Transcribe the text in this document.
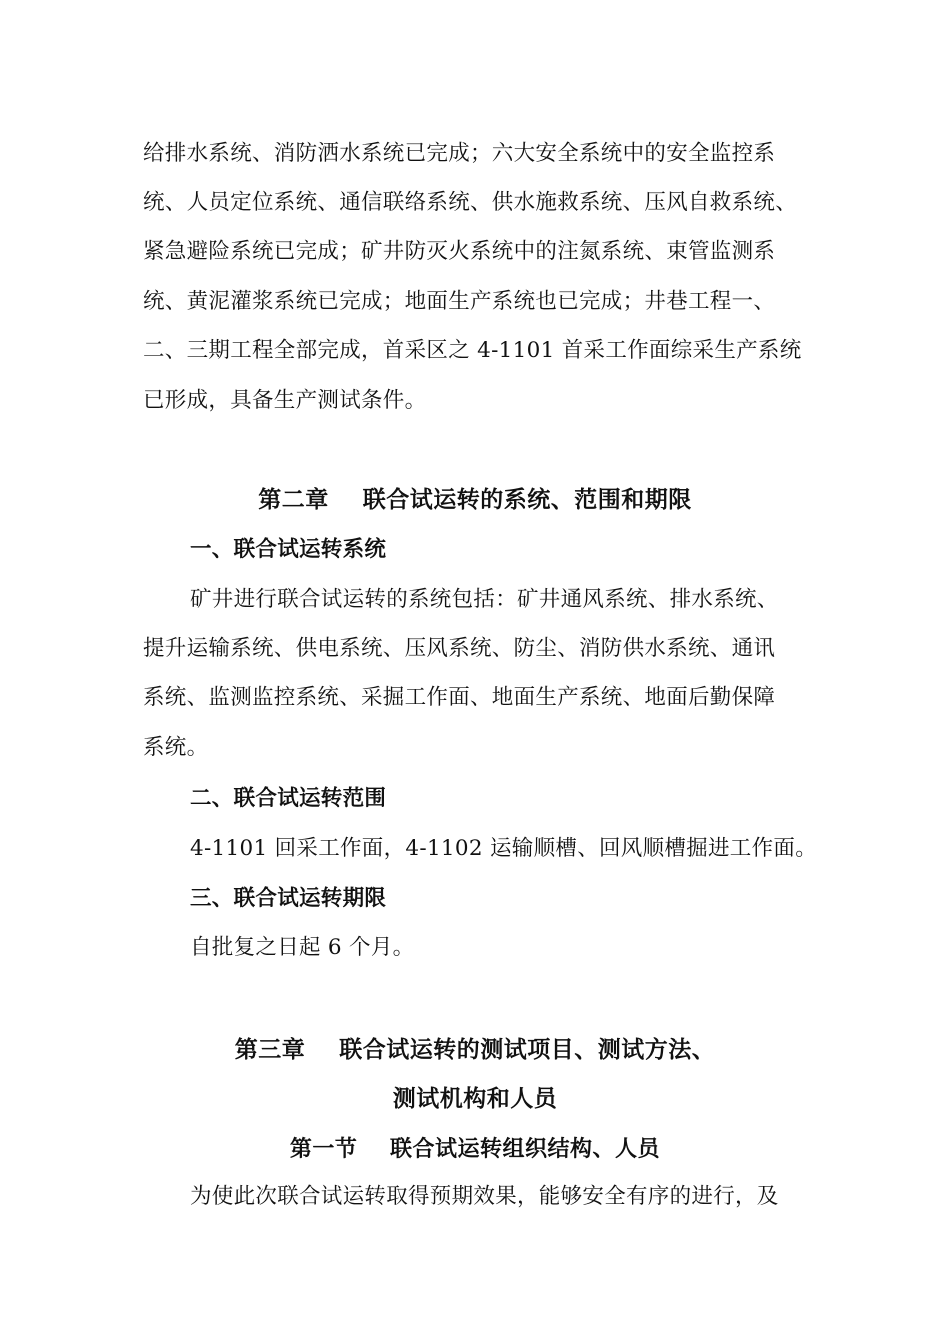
给排水系统、消防洒水系统已完成；六大安全系统中的安全监控系
统、人员定位系统、通信联络系统、供水施救系统、压风自救系统、
紧急避险系统已完成；矿井防灭火系统中的注氮系统、束管监测系
统、黄泥灌浆系统已完成；地面生产系统也已完成；井巷工程一、
二、三期工程全部完成，首采区之 4-1101 首采工作面综采生产系统
已形成，具备生产测试条件。
第二章    联合试运转的系统、范围和期限
一、联合试运转系统
矿井进行联合试运转的系统包括：矿井通风系统、排水系统、
提升运输系统、供电系统、压风系统、防尘、消防供水系统、通讯
系统、监测监控系统、采掘工作面、地面生产系统、地面后勤保障
系统。
二、联合试运转范围
4-1101 回采工作面，4-1102 运输顺槽、回风顺槽掘进工作面。
三、联合试运转期限
自批复之日起 6 个月。
第三章    联合试运转的测试项目、测试方法、
测试机构和人员
第一节    联合试运转组织结构、人员
为使此次联合试运转取得预期效果，能够安全有序的进行，及
